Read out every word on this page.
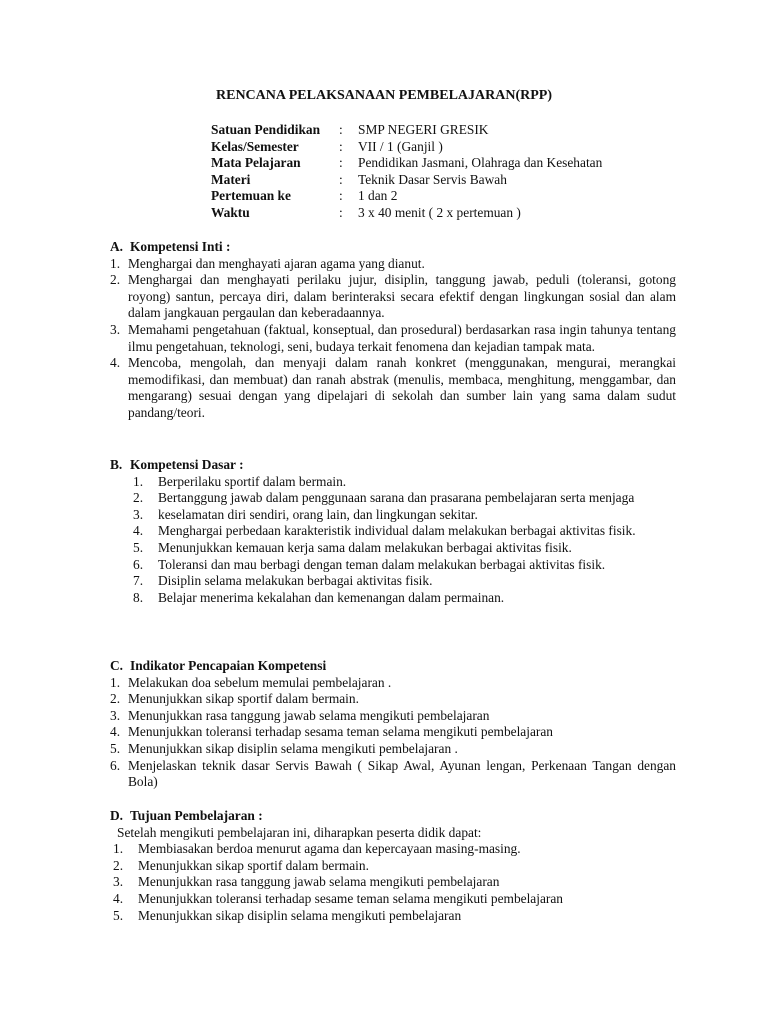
RENCANA PELAKSANAAN PEMBELAJARAN(RPP)
Satuan Pendidikan	:	SMP NEGERI GRESIK
Kelas/Semester	:	VII / 1 (Ganjil )
Mata Pelajaran	:	Pendidikan Jasmani, Olahraga dan Kesehatan
Materi	:	Teknik Dasar Servis Bawah
Pertemuan ke	:	1 dan 2
Waktu	:	3 x 40 menit ( 2 x pertemuan )
A. Kompetensi Inti :
1. Menghargai dan menghayati ajaran agama yang dianut.
2. Menghargai dan menghayati perilaku jujur, disiplin, tanggung jawab, peduli (toleransi, gotong royong) santun, percaya diri, dalam berinteraksi secara efektif dengan lingkungan sosial dan alam dalam jangkauan pergaulan dan keberadaannya.
3. Memahami pengetahuan (faktual, konseptual, dan prosedural) berdasarkan rasa ingin tahunya tentang ilmu pengetahuan, teknologi, seni, budaya terkait fenomena dan kejadian tampak mata.
4. Mencoba, mengolah, dan menyaji dalam ranah konkret (menggunakan, mengurai, merangkai memodifikasi, dan membuat) dan ranah abstrak (menulis, membaca, menghitung, menggambar, dan mengarang) sesuai dengan yang dipelajari di sekolah dan sumber lain yang sama dalam sudut pandang/teori.
B. Kompetensi Dasar :
1.	Berperilaku sportif dalam bermain.
2.	Bertanggung jawab dalam penggunaan sarana dan prasarana pembelajaran serta menjaga
3.	keselamatan diri sendiri, orang lain, dan lingkungan sekitar.
4.	Menghargai perbedaan karakteristik individual dalam melakukan berbagai aktivitas fisik.
5.	Menunjukkan kemauan kerja sama dalam melakukan berbagai aktivitas fisik.
6.	Toleransi dan mau berbagi dengan teman dalam melakukan berbagai aktivitas fisik.
7.	Disiplin selama melakukan berbagai aktivitas fisik.
8.	Belajar menerima kekalahan dan kemenangan dalam permainan.
C. Indikator Pencapaian Kompetensi
1. Melakukan doa sebelum memulai pembelajaran .
2. Menunjukkan sikap sportif dalam bermain.
3. Menunjukkan rasa tanggung jawab selama mengikuti pembelajaran
4. Menunjukkan toleransi terhadap sesama teman selama mengikuti pembelajaran
5. Menunjukkan sikap disiplin selama mengikuti pembelajaran .
6. Menjelaskan teknik dasar Servis Bawah ( Sikap Awal, Ayunan lengan, Perkenaan Tangan dengan Bola)
D. Tujuan Pembelajaran :
Setelah mengikuti pembelajaran ini, diharapkan peserta didik dapat:
1.	Membiasakan berdoa menurut agama dan kepercayaan masing-masing.
2.	Menunjukkan sikap sportif dalam bermain.
3.	Menunjukkan rasa tanggung jawab selama mengikuti pembelajaran
4.	Menunjukkan toleransi terhadap sesame teman selama mengikuti pembelajaran
5.	Menunjukkan sikap disiplin selama mengikuti pembelajaran
